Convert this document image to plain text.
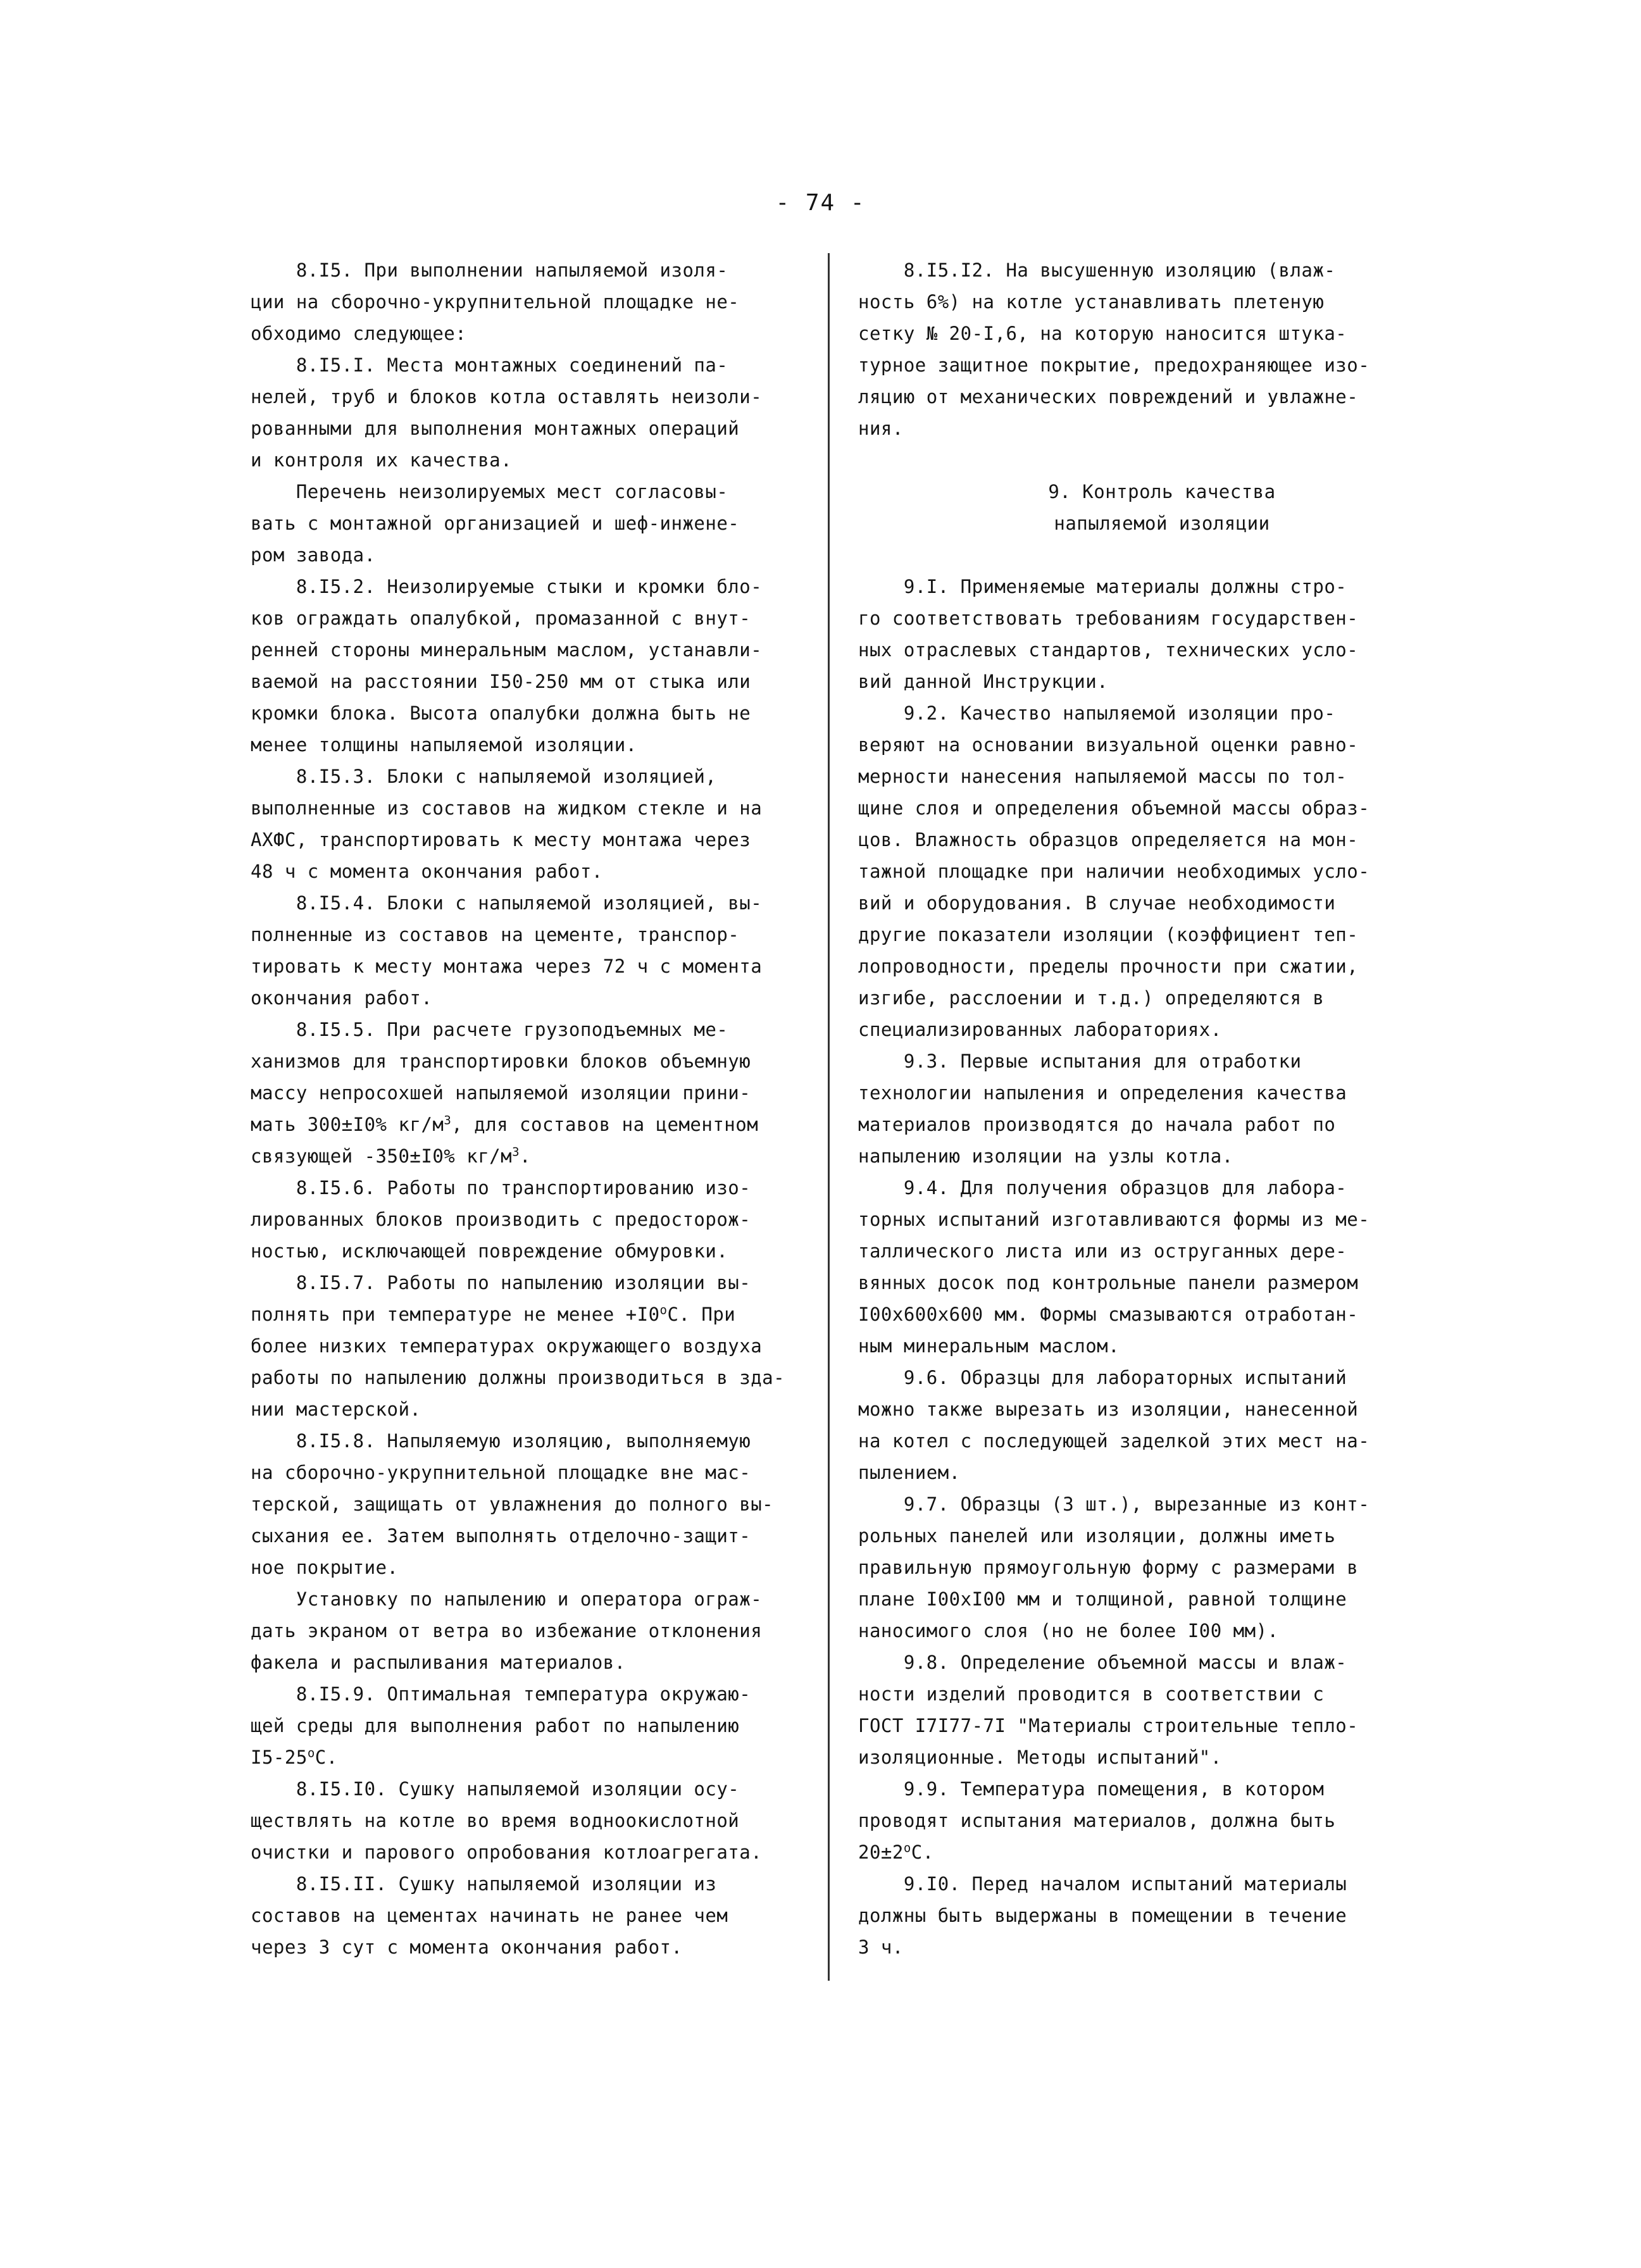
- 74 -
8.I5. При выполнении напыляемой изоля-
ции на сборочно-укрупнительной площадке не-
обходимо следующее:
8.I5.I. Места монтажных соединений па-
нелей, труб и блоков котла оставлять неизоли-
рованными для выполнения монтажных операций
и контроля их качества.
Перечень неизолируемых мест согласовы-
вать с монтажной организацией и шеф-инжене-
ром завода.
8.I5.2. Неизолируемые стыки и кромки бло-
ков ограждать опалубкой, промазанной с внут-
ренней стороны минеральным маслом, устанавли-
ваемой на расстоянии I50-250 мм от стыка или
кромки блока. Высота опалубки должна быть не
менее толщины напыляемой изоляции.
8.I5.3. Блоки с напыляемой изоляцией,
выполненные из составов на жидком стекле и на
АХФС, транспортировать к месту монтажа через
48 ч с момента окончания работ.
8.I5.4. Блоки с напыляемой изоляцией, вы-
полненные из составов на цементе, транспор-
тировать к месту монтажа через 72 ч с момента
окончания работ.
8.I5.5. При расчете грузоподъемных ме-
ханизмов для транспортировки блоков объемную
массу непросохшей напыляемой изоляции прини-
мать 300±I0% $кг/м^3$, для составов на цементном
связующей -350±I0% $кг/м^3$.
8.I5.6. Работы по транспортированию изо-
лированных блоков производить с предосторож-
ностью, исключающей повреждение обмуровки.
8.I5.7. Работы по напылению изоляции вы-
полнять при температуре не менее $+I0^oС$. При
более низких температурах окружающего воздуха
работы по напылению должны производиться в зда-
нии мастерской.
8.I5.8. Напыляемую изоляцию, выполняемую
на сборочно-укрупнительной площадке вне мас-
терской, защищать от увлажнения до полного вы-
сыхания ее. Затем выполнять отделочно-защит-
ное покрытие.
Установку по напылению и оператора ограж-
дать экраном от ветра во избежание отклонения
факела и распыливания материалов.
8.I5.9. Оптимальная температура окружаю-
щей среды для выполнения работ по напылению
I5-25$^o$С.
8.I5.I0. Сушку напыляемой изоляции осу-
ществлять на котле во время водноокислотной
очистки и парового опробования котлоагрегата.
8.I5.II. Сушку напыляемой изоляции из
составов на цементах начинать не ранее чем
через 3 сут с момента окончания работ.
8.I5.I2. На высушенную изоляцию (влаж-
ность 6%) на котле устанавливать плетеную
сетку № 20-I,6, на которую наносится штука-
турное защитное покрытие, предохраняющее изо-
ляцию от механических повреждений и увлажне-
ния.
9. Контроль качества
напыляемой изоляции
9.I. Применяемые материалы должны стро-
го соответствовать требованиям государствен-
ных отраслевых стандартов, технических усло-
вий данной Инструкции.
9.2. Качество напыляемой изоляции про-
веряют на основании визуальной оценки равно-
мерности нанесения напыляемой массы по тол-
щине слоя и определения объемной массы образ-
цов. Влажность образцов определяется на мон-
тажной площадке при наличии необходимых усло-
вий и оборудования. В случае необходимости
другие показатели изоляции (коэффициент теп-
лопроводности, пределы прочности при сжатии,
изгибе, расслоении и т.д.) определяются в
специализированных лабораториях.
9.3. Первые испытания для отработки
технологии напыления и определения качества
материалов производятся до начала работ по
напылению изоляции на узлы котла.
9.4. Для получения образцов для лабора-
торных испытаний изготавливаются формы из ме-
таллического листа или из оструганных дере-
вянных досок под контрольные панели размером
I00х600х600 мм. Формы смазываются отработан-
ным минеральным маслом.
9.6. Образцы для лабораторных испытаний
можно также вырезать из изоляции, нанесенной
на котел с последующей заделкой этих мест на-
пылением.
9.7. Образцы (3 шт.), вырезанные из конт-
рольных панелей или изоляции, должны иметь
правильную прямоугольную форму с размерами в
плане I00хI00 мм и толщиной, равной толщине
наносимого слоя (но не более I00 мм).
9.8. Определение объемной массы и влаж-
ности изделий проводится в соответствии с
ГОСТ I7I77-7I "Материалы строительные тепло-
изоляционные. Методы испытаний".
9.9. Температура помещения, в котором
проводят испытания материалов, должна быть
$20\pm 2^oС$.
9.I0. Перед началом испытаний материалы
должны быть выдержаны в помещении в течение
3 ч.
